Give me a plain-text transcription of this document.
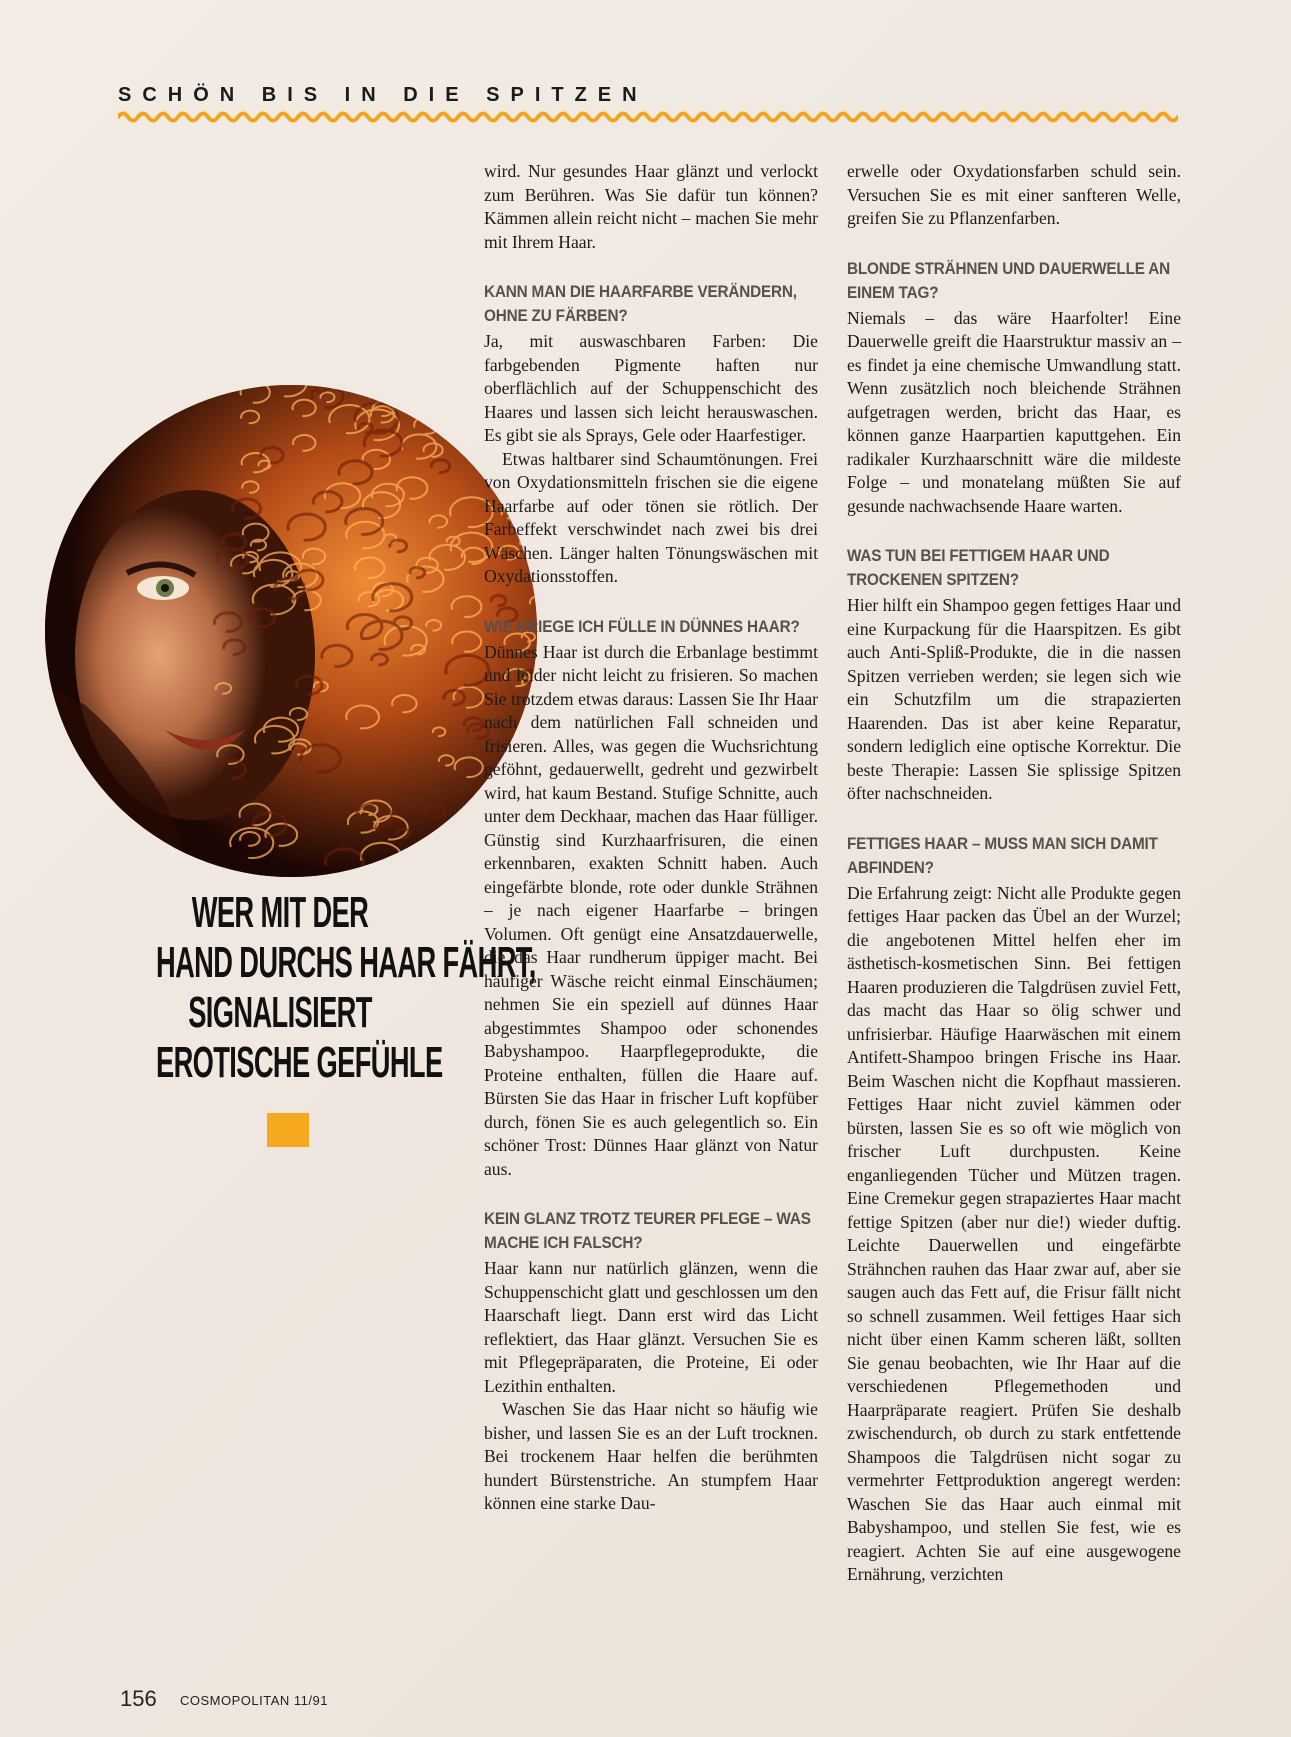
SCHÖN BIS IN DIE SPITZEN
WER MIT DER
HAND DURCHS HAAR FÄHRT,
SIGNALISIERT
EROTISCHE GEFÜHLE

wird. Nur gesundes Haar glänzt und verlockt zum Berühren. Was Sie dafür tun können? Kämmen allein reicht nicht – machen Sie mehr mit Ihrem Haar.

KANN MAN DIE HAARFARBE VERÄNDERN, OHNE ZU FÄRBEN?

Ja, mit auswaschbaren Farben: Die farbgebenden Pigmente haften nur oberflächlich auf der Schuppenschicht des Haares und lassen sich leicht herauswaschen. Es gibt sie als Sprays, Gele oder Haarfestiger.

Etwas haltbarer sind Schaumtönungen. Frei von Oxydationsmitteln frischen sie die eigene Haarfarbe auf oder tönen sie rötlich. Der Farbeffekt verschwindet nach zwei bis drei Wäschen. Länger halten Tönungswäschen mit Oxydationsstoffen.

WIE KRIEGE ICH FÜLLE IN DÜNNES HAAR?

Dünnes Haar ist durch die Erbanlage bestimmt und leider nicht leicht zu frisieren. So machen Sie trotzdem etwas daraus: Lassen Sie Ihr Haar nach dem natürlichen Fall schneiden und frisieren. Alles, was gegen die Wuchsrichtung geföhnt, gedauerwellt, gedreht und gezwirbelt wird, hat kaum Bestand. Stufige Schnitte, auch unter dem Deckhaar, machen das Haar fülliger. Günstig sind Kurzhaarfrisuren, die einen erkennbaren, exakten Schnitt haben. Auch eingefärbte blonde, rote oder dunkle Strähnen – je nach eigener Haarfarbe – bringen Volumen. Oft genügt eine Ansatzdauerwelle, die das Haar rundherum üppiger macht. Bei häufiger Wäsche reicht einmal Einschäumen; nehmen Sie ein speziell auf dünnes Haar abgestimmtes Shampoo oder schonendes Babyshampoo. Haarpflegeprodukte, die Proteine enthalten, füllen die Haare auf. Bürsten Sie das Haar in frischer Luft kopfüber durch, fönen Sie es auch gelegentlich so. Ein schöner Trost: Dünnes Haar glänzt von Natur aus.

KEIN GLANZ TROTZ TEURER PFLEGE – WAS MACHE ICH FALSCH?

Haar kann nur natürlich glänzen, wenn die Schuppenschicht glatt und geschlossen um den Haarschaft liegt. Dann erst wird das Licht reflektiert, das Haar glänzt. Versuchen Sie es mit Pflegepräparaten, die Proteine, Ei oder Lezithin enthalten.

Waschen Sie das Haar nicht so häufig wie bisher, und lassen Sie es an der Luft trocknen. Bei trockenem Haar helfen die berühmten hundert Bürstenstriche. An stumpfem Haar können eine starke Dau-

erwelle oder Oxydationsfarben schuld sein. Versuchen Sie es mit einer sanfteren Welle, greifen Sie zu Pflanzenfarben.

BLONDE STRÄHNEN UND DAUERWELLE AN EINEM TAG?

Niemals – das wäre Haarfolter! Eine Dauerwelle greift die Haarstruktur massiv an – es findet ja eine chemische Umwandlung statt. Wenn zusätzlich noch bleichende Strähnen aufgetragen werden, bricht das Haar, es können ganze Haarpartien kaputtgehen. Ein radikaler Kurzhaarschnitt wäre die mildeste Folge – und monatelang müßten Sie auf gesunde nachwachsende Haare warten.

WAS TUN BEI FETTIGEM HAAR UND TROCKENEN SPITZEN?

Hier hilft ein Shampoo gegen fettiges Haar und eine Kurpackung für die Haarspitzen. Es gibt auch Anti-Spliß-Produkte, die in die nassen Spitzen verrieben werden; sie legen sich wie ein Schutzfilm um die strapazierten Haarenden. Das ist aber keine Reparatur, sondern lediglich eine optische Korrektur. Die beste Therapie: Lassen Sie splissige Spitzen öfter nachschneiden.

FETTIGES HAAR – MUSS MAN SICH DAMIT ABFINDEN?

Die Erfahrung zeigt: Nicht alle Produkte gegen fettiges Haar packen das Übel an der Wurzel; die angebotenen Mittel helfen eher im ästhetisch-kosmetischen Sinn. Bei fettigen Haaren produzieren die Talgdrüsen zuviel Fett, das macht das Haar so ölig schwer und unfrisierbar. Häufige Haarwäschen mit einem Antifett-Shampoo bringen Frische ins Haar. Beim Waschen nicht die Kopfhaut massieren. Fettiges Haar nicht zuviel kämmen oder bürsten, lassen Sie es so oft wie möglich von frischer Luft durchpusten. Keine enganliegenden Tücher und Mützen tragen. Eine Cremekur gegen strapaziertes Haar macht fettige Spitzen (aber nur die!) wieder duftig. Leichte Dauerwellen und eingefärbte Strähnchen rauhen das Haar zwar auf, aber sie saugen auch das Fett auf, die Frisur fällt nicht so schnell zusammen. Weil fettiges Haar sich nicht über einen Kamm scheren läßt, sollten Sie genau beobachten, wie Ihr Haar auf die verschiedenen Pflegemethoden und Haarpräparate reagiert. Prüfen Sie deshalb zwischendurch, ob durch zu stark entfettende Shampoos die Talgdrüsen nicht sogar zu vermehrter Fettproduktion angeregt werden: Waschen Sie das Haar auch einmal mit Babyshampoo, und stellen Sie fest, wie es reagiert. Achten Sie auf eine ausgewogene Ernährung, verzichten

156 COSMOPOLITAN 11/91
